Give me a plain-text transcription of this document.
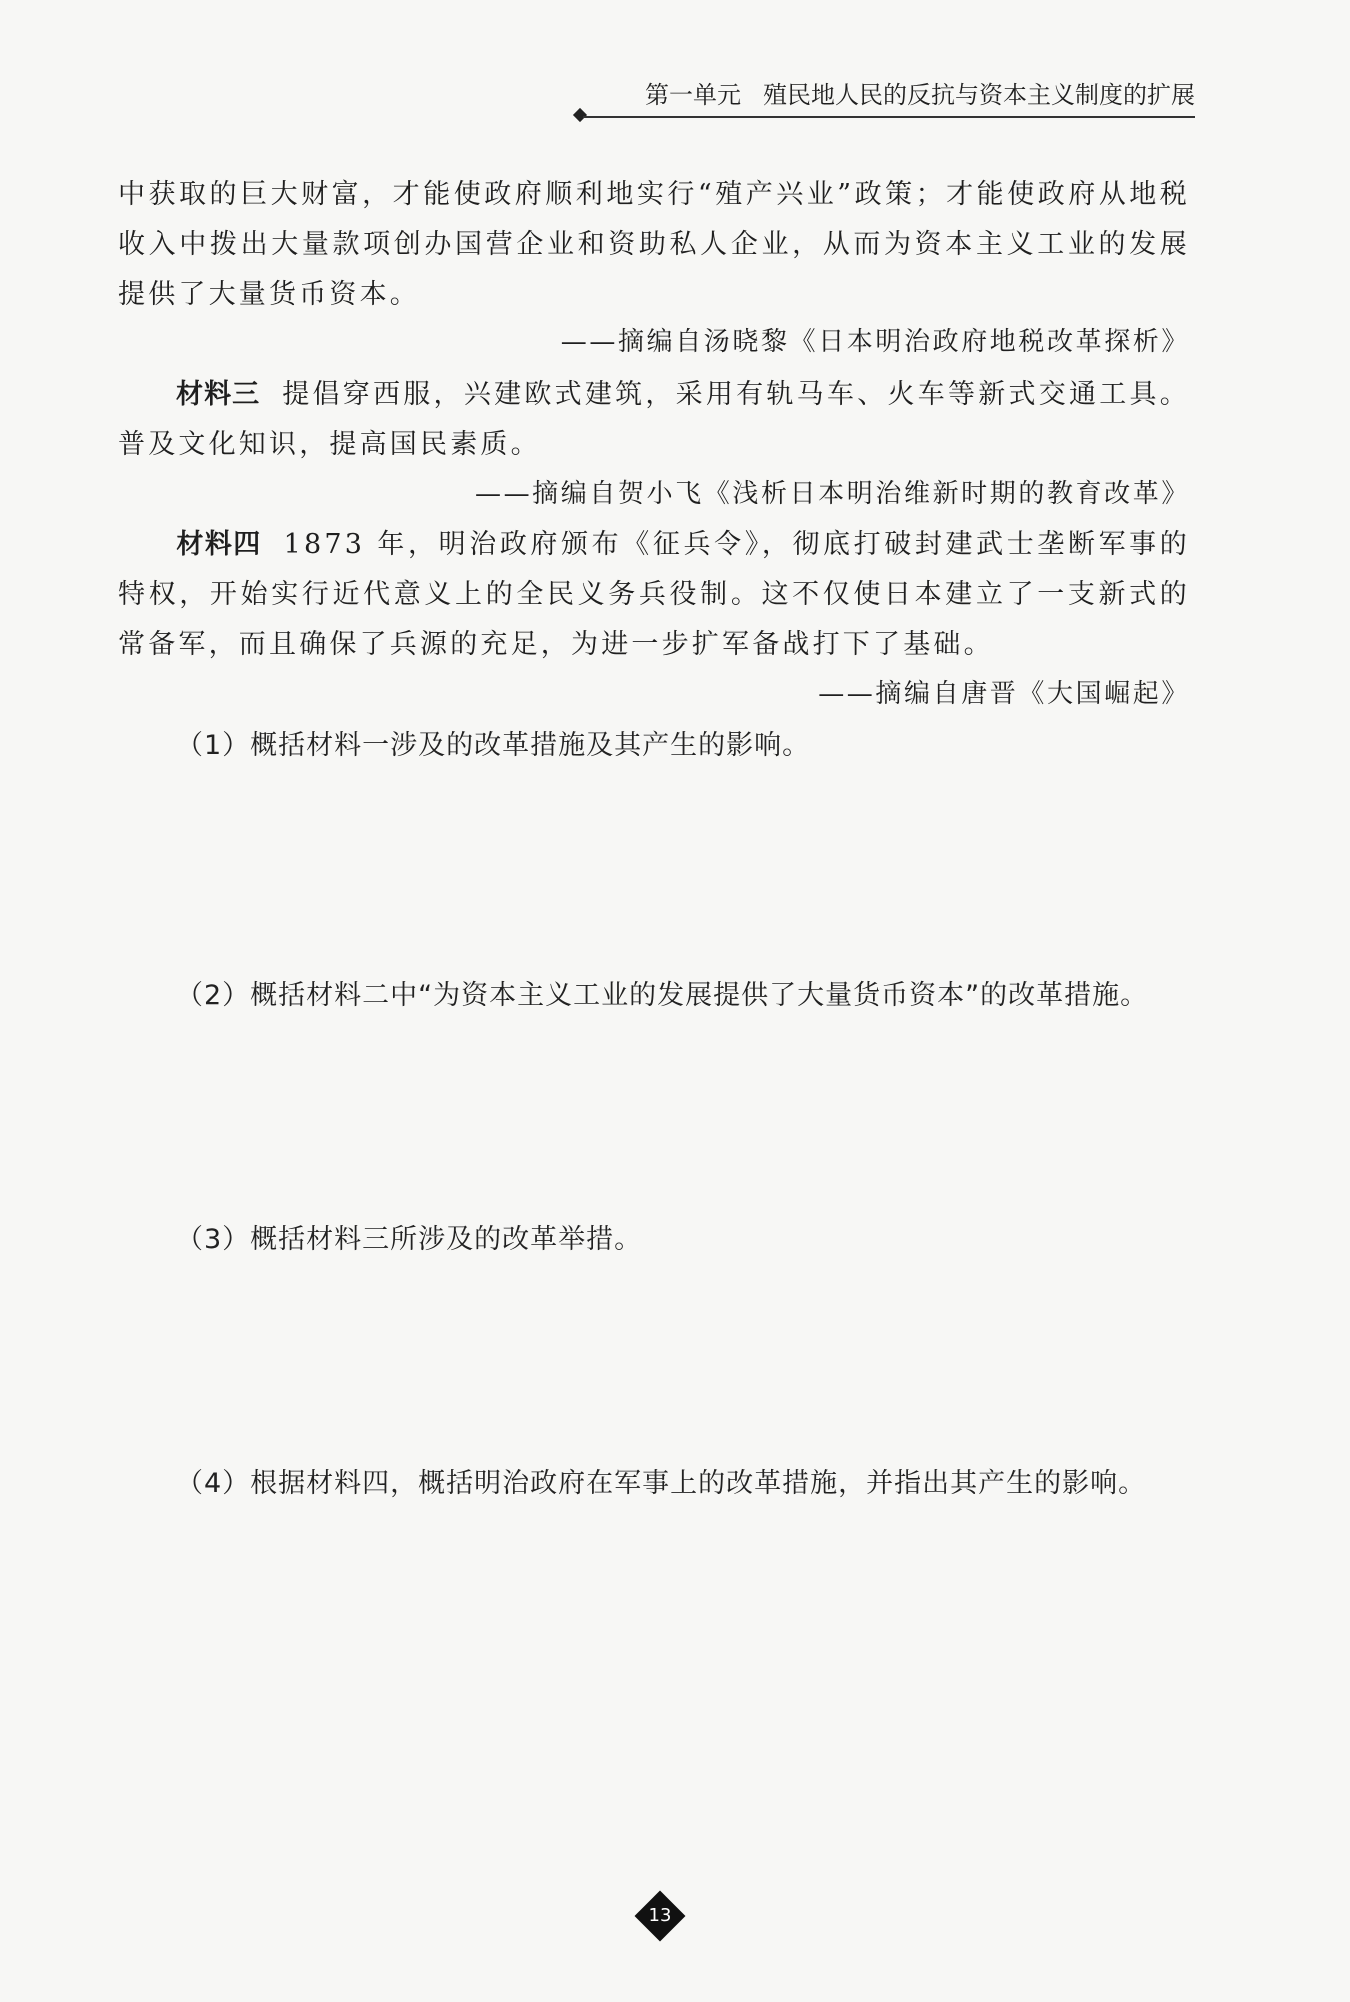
第一单元 殖民地人民的反抗与资本主义制度的扩展

中获取的巨大财富，才能使政府顺利地实行“殖产兴业”政策；才能使政府从地税收入中拨出大量款项创办国营企业和资助私人企业，从而为资本主义工业的发展提供了大量货币资本。

——摘编自汤晓黎《日本明治政府地税改革探析》

材料三 提倡穿西服，兴建欧式建筑，采用有轨马车、火车等新式交通工具。普及文化知识，提高国民素质。

——摘编自贺小飞《浅析日本明治维新时期的教育改革》

材料四 1873 年，明治政府颁布《征兵令》，彻底打破封建武士垄断军事的特权，开始实行近代意义上的全民义务兵役制。这不仅使日本建立了一支新式的常备军，而且确保了兵源的充足，为进一步扩军备战打下了基础。

——摘编自唐晋《大国崛起》
（1）概括材料一涉及的改革措施及其产生的影响。
（2）概括材料二中“为资本主义工业的发展提供了大量货币资本”的改革措施。
（3）概括材料三所涉及的改革举措。
（4）根据材料四，概括明治政府在军事上的改革措施，并指出其产生的影响。
13
